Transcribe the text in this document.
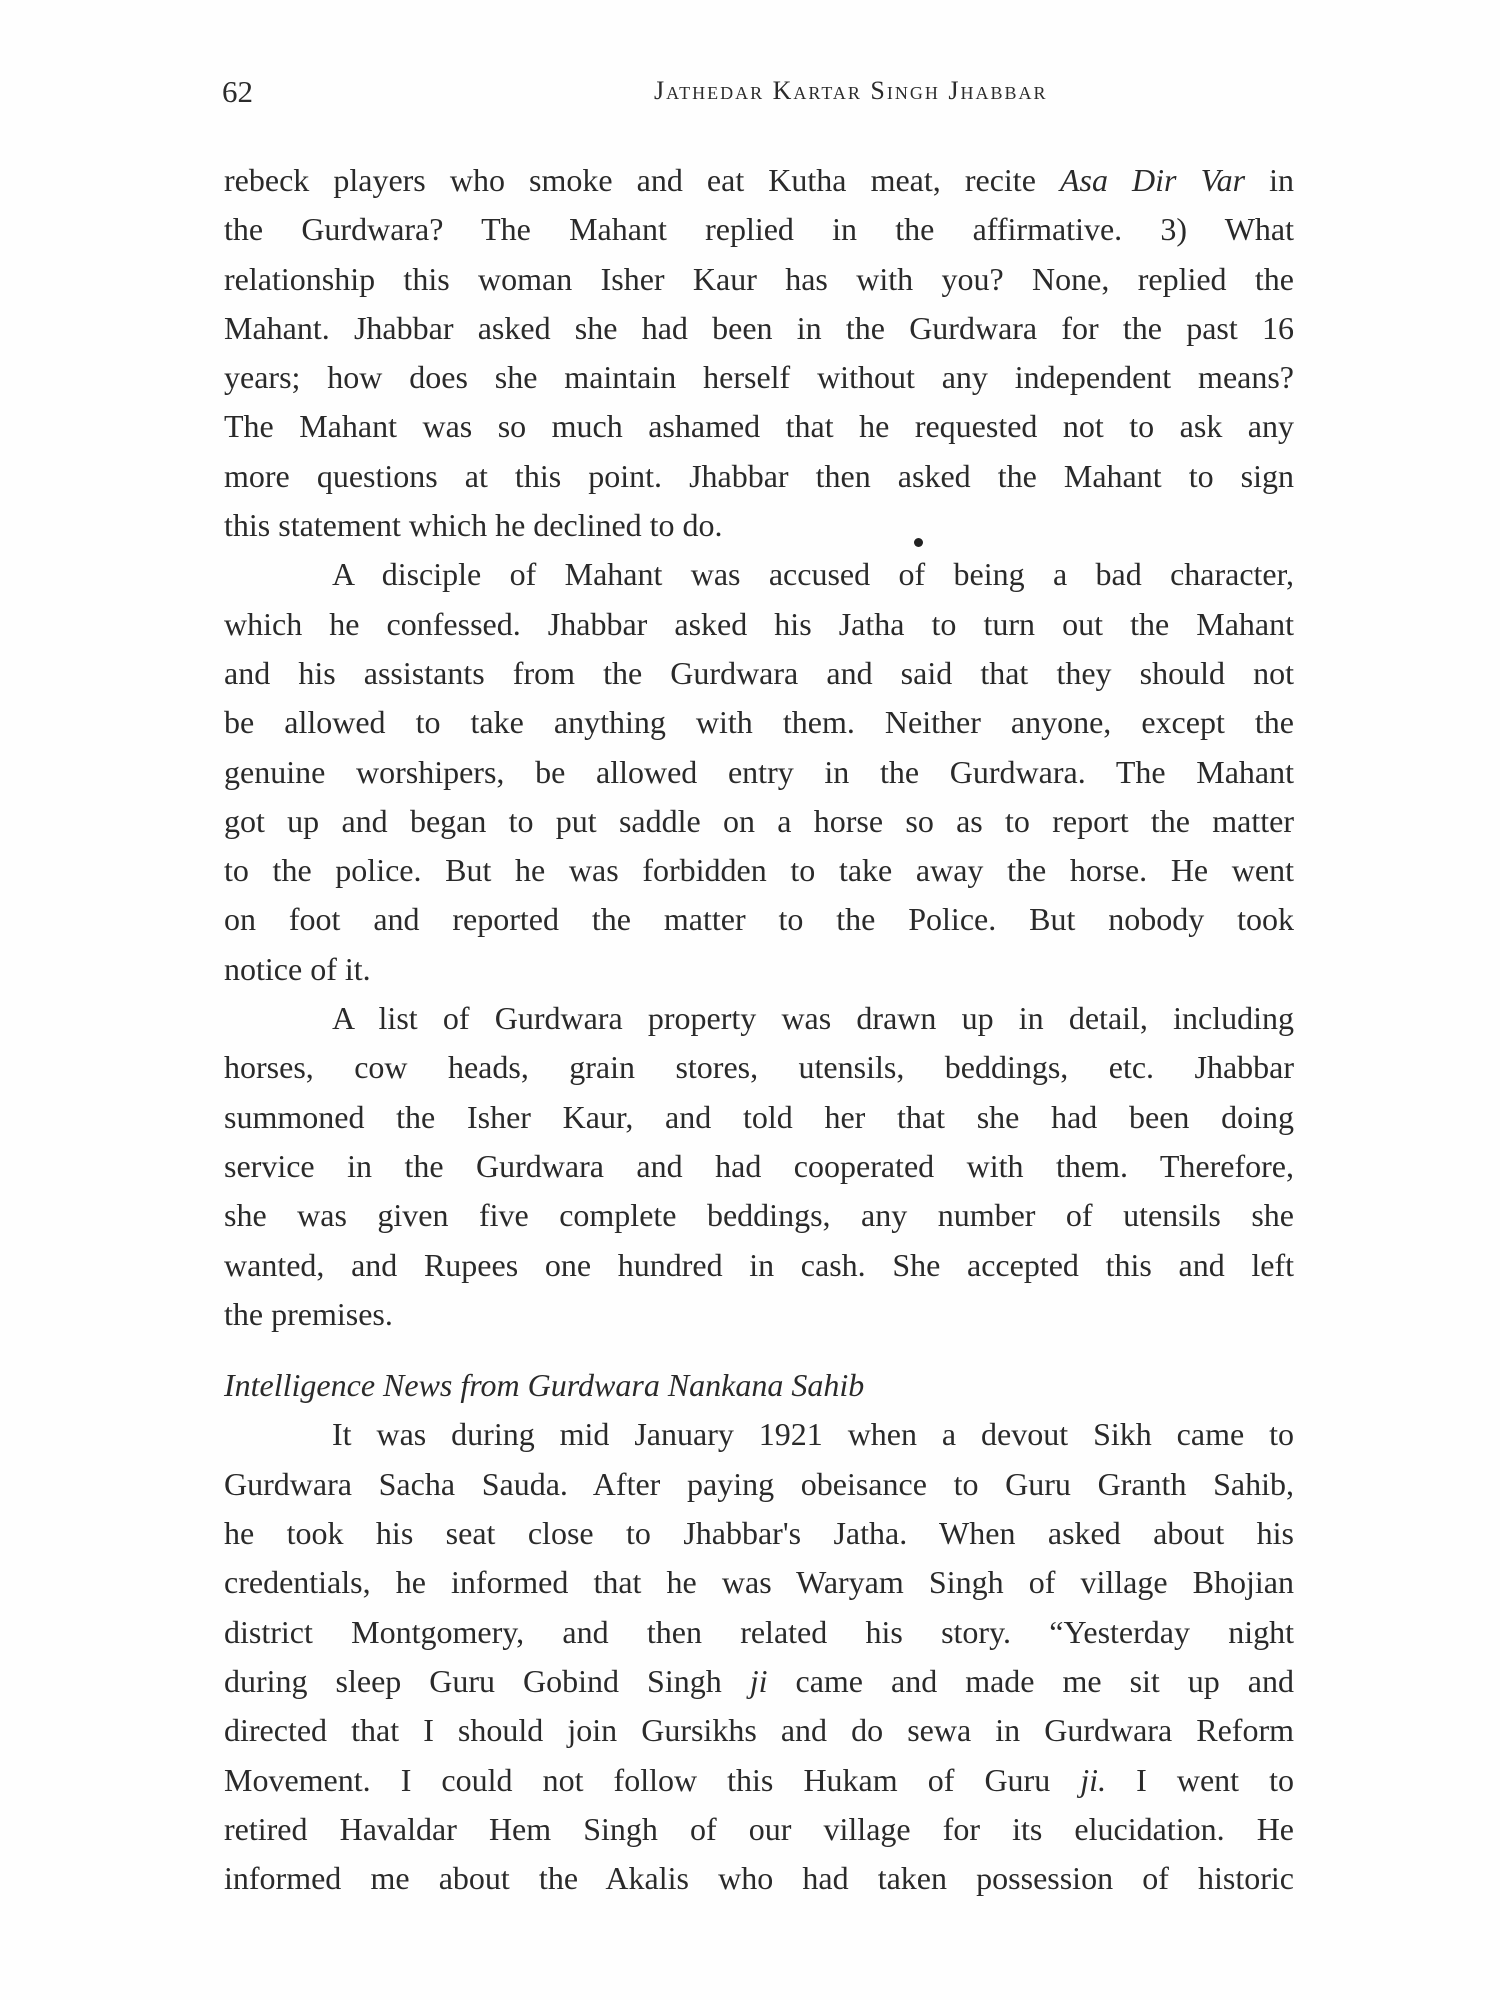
62	Jathedar Kartar Singh Jhabbar
rebeck players who smoke and eat Kutha meat, recite Asa Dir Var in
the Gurdwara? The Mahant replied in the affirmative. 3) What
relationship this woman Isher Kaur has with you? None, replied the
Mahant. Jhabbar asked she had been in the Gurdwara for the past 16
years; how does she maintain herself without any independent means?
The Mahant was so much ashamed that he requested not to ask any
more questions at this point. Jhabbar then asked the Mahant to sign
this statement which he declined to do.
A disciple of Mahant was accused of being a bad character,
which he confessed. Jhabbar asked his Jatha to turn out the Mahant
and his assistants from the Gurdwara and said that they should not
be allowed to take anything with them. Neither anyone, except the
genuine worshipers, be allowed entry in the Gurdwara. The Mahant
got up and began to put saddle on a horse so as to report the matter
to the police. But he was forbidden to take away the horse. He went
on foot and reported the matter to the Police. But nobody took
notice of it.
A list of Gurdwara property was drawn up in detail, including
horses, cow heads, grain stores, utensils, beddings, etc. Jhabbar
summoned the Isher Kaur, and told her that she had been doing
service in the Gurdwara and had cooperated with them. Therefore,
she was given five complete beddings, any number of utensils she
wanted, and Rupees one hundred in cash. She accepted this and left
the premises.
Intelligence News from Gurdwara Nankana Sahib
It was during mid January 1921 when a devout Sikh came to
Gurdwara Sacha Sauda. After paying obeisance to Guru Granth Sahib,
he took his seat close to Jhabbar's Jatha. When asked about his
credentials, he informed that he was Waryam Singh of village Bhojian
district Montgomery, and then related his story. “Yesterday night
during sleep Guru Gobind Singh ji came and made me sit up and
directed that I should join Gursikhs and do sewa in Gurdwara Reform
Movement. I could not follow this Hukam of Guru ji. I went to
retired Havaldar Hem Singh of our village for its elucidation. He
informed me about the Akalis who had taken possession of historic
